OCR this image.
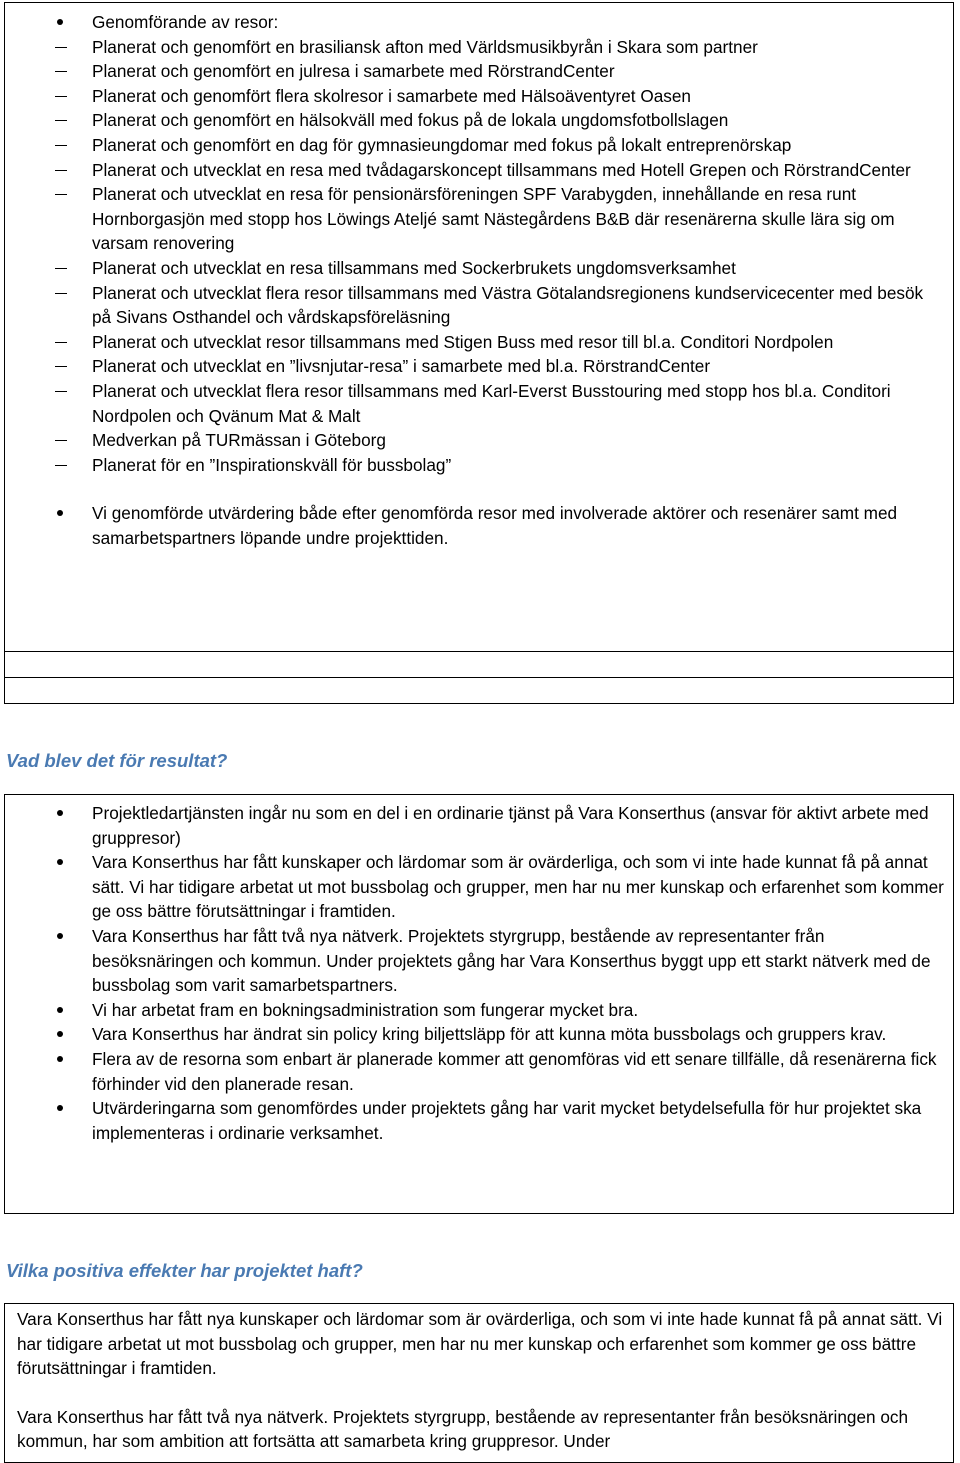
Genomförande av resor:
Planerat och genomfört en brasiliansk afton med Världsmusikbyrån i Skara som partner
Planerat och genomfört en julresa i samarbete med RörstrandCenter
Planerat och genomfört flera skolresor i samarbete med Hälsoäventyret Oasen
Planerat och genomfört en hälsokväll med fokus på de lokala ungdomsfotbollslagen
Planerat och genomfört en dag för gymnasieungdomar med fokus på lokalt entreprenörskap
Planerat och utvecklat en resa med tvådagarskoncept tillsammans med Hotell Grepen och RörstrandCenter
Planerat och utvecklat en resa för pensionärsföreningen SPF Varabygden, innehållande en resa runt Hornborgasjön med stopp hos Löwings Ateljé samt Nästegårdens B&B där resenärerna skulle lära sig om varsam renovering
Planerat och utvecklat en resa tillsammans med Sockerbrukets ungdomsverksamhet
Planerat och utvecklat flera resor tillsammans med Västra Götalandsregionens kundservicecenter med besök på Sivans Osthandel och vårdskapsföreläsning
Planerat och utvecklat resor tillsammans med Stigen Buss med resor till bl.a. Conditori Nordpolen
Planerat och utvecklat en ”livsnjutar-resa” i samarbete med bl.a. RörstrandCenter
Planerat och utvecklat flera resor tillsammans med Karl-Everst Busstouring med stopp hos bl.a. Conditori Nordpolen och Qvänum Mat & Malt
Medverkan på TURmässan i Göteborg
Planerat för en ”Inspirationskväll för bussbolag”
Vi genomförde utvärdering både efter genomförda resor med involverade aktörer och resenärer samt med samarbetspartners löpande undre projekttiden.
Vad blev det för resultat?
Projektledartjänsten ingår nu som en del i en ordinarie tjänst på Vara Konserthus (ansvar för aktivt arbete med gruppresor)
Vara Konserthus har fått kunskaper och lärdomar som är ovärderliga, och som vi inte hade kunnat få på annat sätt. Vi har tidigare arbetat ut mot bussbolag och grupper, men har nu mer kunskap och erfarenhet som kommer ge oss bättre förutsättningar i framtiden.
Vara Konserthus har fått två nya nätverk. Projektets styrgrupp, bestående av representanter från besöksnäringen och kommun. Under projektets gång har Vara Konserthus byggt upp ett starkt nätverk med de bussbolag som varit samarbetspartners.
Vi har arbetat fram en bokningsadministration som fungerar mycket bra.
Vara Konserthus har ändrat sin policy kring biljettsläpp för att kunna möta bussbolags och gruppers krav.
Flera av de resorna som enbart är planerade kommer att genomföras vid ett senare tillfälle, då resenärerna fick förhinder vid den planerade resan.
Utvärderingarna som genomfördes under projektets gång har varit mycket betydelsefulla för hur projektet ska implementeras i ordinarie verksamhet.
Vilka positiva effekter har projektet haft?

Vara Konserthus har fått nya kunskaper och lärdomar som är ovärderliga, och som vi inte hade kunnat få på annat sätt. Vi har tidigare arbetat ut mot bussbolag och grupper, men har nu mer kunskap och erfarenhet som kommer ge oss bättre förutsättningar i framtiden.

Vara Konserthus har fått två nya nätverk. Projektets styrgrupp, bestående av representanter från besöksnäringen och kommun, har som ambition att fortsätta att samarbeta kring gruppresor. Under
